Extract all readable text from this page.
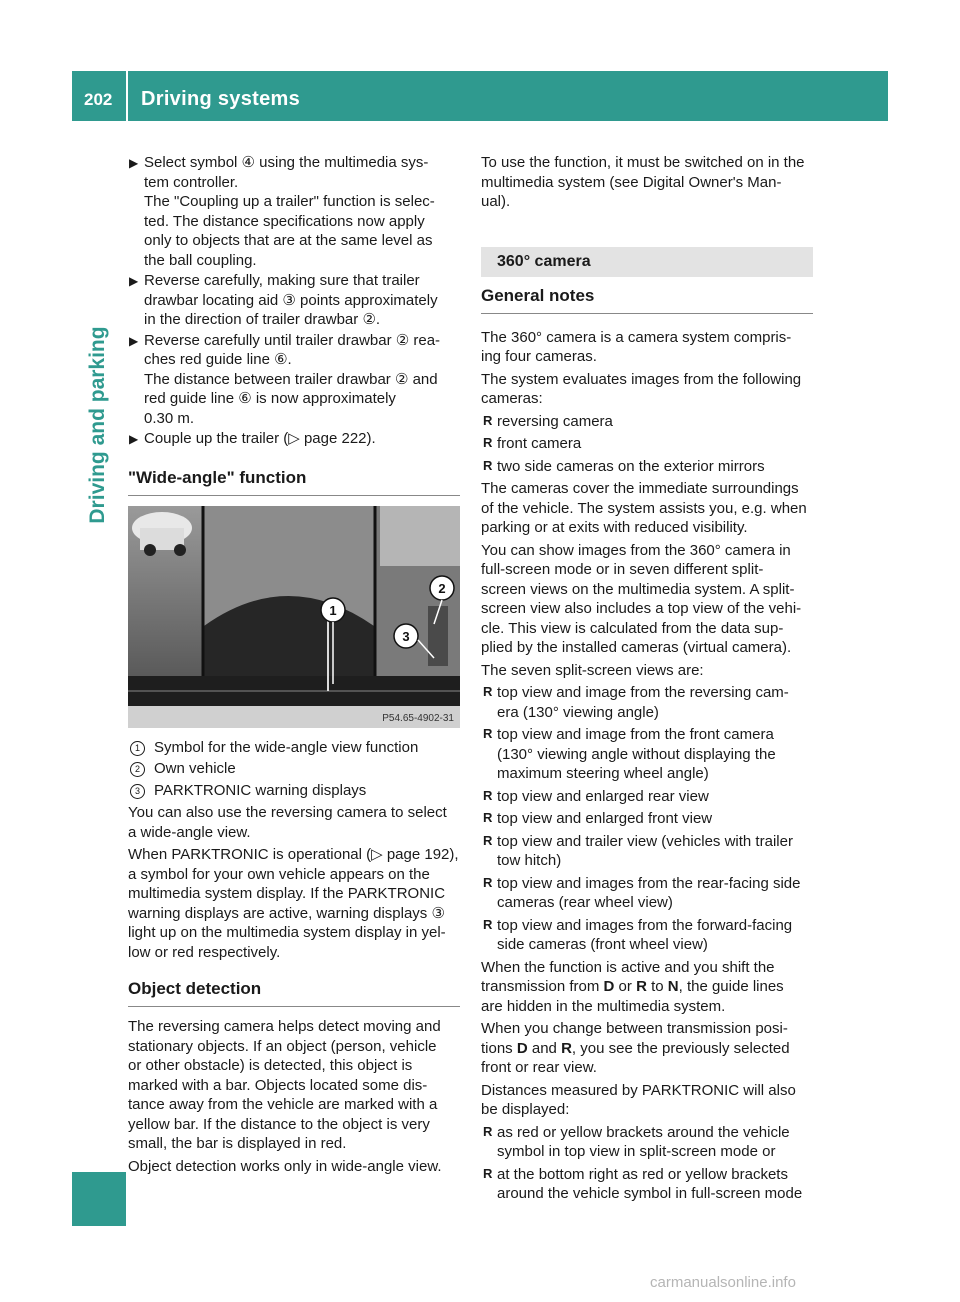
202 Driving systems
Driving and parking
▶ Select symbol ④ using the multimedia sys-
tem controller.
The "Coupling up a trailer" function is selec-
ted. The distance specifications now apply
only to objects that are at the same level as
the ball coupling.
▶ Reverse carefully, making sure that trailer
drawbar locating aid ③ points approximately
in the direction of trailer drawbar ②.
▶ Reverse carefully until trailer drawbar ② rea-
ches red guide line ⑥.
The distance between trailer drawbar ② and
red guide line ⑥ is now approximately
0.30 m.
▶ Couple up the trailer (▷ page 222).
"Wide-angle" function
1
2
3
P54.65-4902-31
1 Symbol for the wide-angle view function
2 Own vehicle
3 PARKTRONIC warning displays

You can also use the reversing camera to select
a wide-angle view.

When PARKTRONIC is operational (▷ page 192),
a symbol for your own vehicle appears on the
multimedia system display. If the PARKTRONIC
warning displays are active, warning displays ③
light up on the multimedia system display in yel-
low or red respectively.

Object detection

The reversing camera helps detect moving and
stationary objects. If an object (person, vehicle
or other obstacle) is detected, this object is
marked with a bar. Objects located some dis-
tance away from the vehicle are marked with a
yellow bar. If the distance to the object is very
small, the bar is displayed in red.

Object detection works only in wide-angle view.

To use the function, it must be switched on in the
multimedia system (see Digital Owner's Man-
ual).

360° camera
General notes

The 360° camera is a camera system compris-
ing four cameras.

The system evaluates images from the following
cameras:

R reversing camera
R front camera
R two side cameras on the exterior mirrors

The cameras cover the immediate surroundings
of the vehicle. The system assists you, e.g. when
parking or at exits with reduced visibility.

You can show images from the 360° camera in
full-screen mode or in seven different split-
screen views on the multimedia system. A split-
screen view also includes a top view of the vehi-
cle. This view is calculated from the data sup-
plied by the installed cameras (virtual camera).

The seven split-screen views are:

R top view and image from the reversing cam-
era (130° viewing angle)
R top view and image from the front camera
(130° viewing angle without displaying the
maximum steering wheel angle)
R top view and enlarged rear view
R top view and enlarged front view
R top view and trailer view (vehicles with trailer
tow hitch)
R top view and images from the rear-facing side
cameras (rear wheel view)
R top view and images from the forward-facing
side cameras (front wheel view)

When the function is active and you shift the
transmission from D or R to N, the guide lines
are hidden in the multimedia system.

When you change between transmission posi-
tions D and R, you see the previously selected
front or rear view.

Distances measured by PARKTRONIC will also
be displayed:

R as red or yellow brackets around the vehicle
symbol in top view in split-screen mode or
R at the bottom right as red or yellow brackets
around the vehicle symbol in full-screen mode
carmanualsonline.info
